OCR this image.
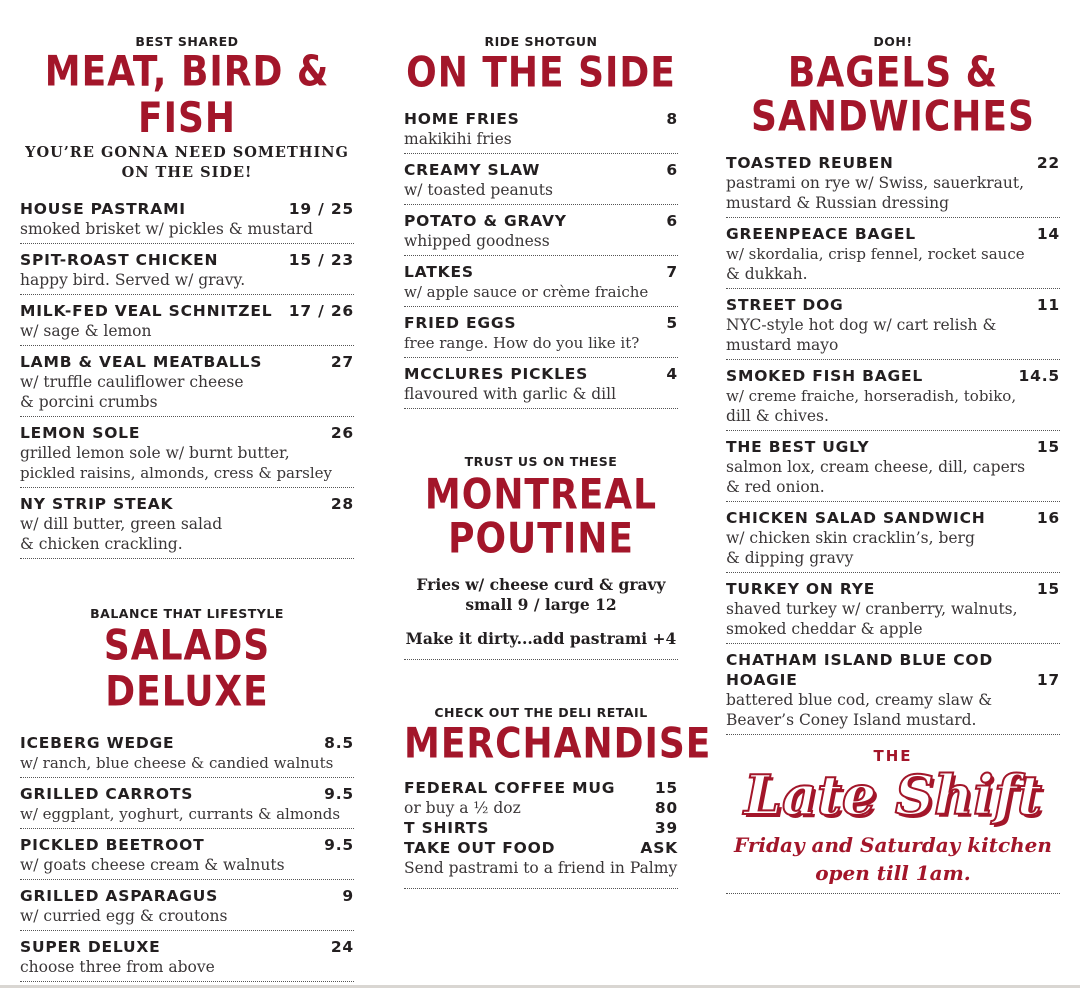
BEST SHARED
MEAT, BIRD & FISH
YOU’RE GONNA NEED SOMETHING
ON THE SIDE!
HOUSE PASTRAMI	19 / 25
smoked brisket w/ pickles & mustard
SPIT-ROAST CHICKEN	15 / 23
happy bird. Served w/ gravy.
MILK-FED VEAL SCHNITZEL 17 / 26
w/ sage & lemon
LAMB & VEAL MEATBALLS	27
w/ truffle cauliflower cheese
& porcini crumbs
LEMON SOLE	26
grilled lemon sole w/ burnt butter,
pickled raisins, almonds, cress & parsley
NY STRIP STEAK	28
w/ dill butter, green salad
& chicken crackling.
BALANCE THAT LIFESTYLE
SALADS DELUXE
ICEBERG WEDGE	8.5
w/ ranch, blue cheese & candied walnuts
GRILLED CARROTS	9.5
w/ eggplant, yoghurt, currants & almonds
PICKLED BEETROOT	9.5
w/ goats cheese cream & walnuts
GRILLED ASPARAGUS	9
w/ curried egg & croutons
SUPER DELUXE	24
choose three from above
RIDE SHOTGUN
ON THE SIDE
HOME FRIES	8
makikihi fries
CREAMY SLAW	6
w/ toasted peanuts
POTATO & GRAVY	6
whipped goodness
LATKES	7
w/ apple sauce or crème fraiche
FRIED EGGS	5
free range. How do you like it?
MCCLURES PICKLES	4
flavoured with garlic & dill
TRUST US ON THESE
MONTREAL
POUTINE
Fries w/ cheese curd & gravy
small 9 / large 12
Make it dirty...add pastrami +4
CHECK OUT THE DELI RETAIL
MERCHANDISE
FEDERAL COFFEE MUG	15
or buy a ½ doz	80
T SHIRTS	39
TAKE OUT FOOD	ASK
Send pastrami to a friend in Palmy
DOH!
BAGELS &
SANDWICHES
TOASTED REUBEN	22
pastrami on rye w/ Swiss, sauerkraut,
mustard & Russian dressing
GREENPEACE BAGEL	14
w/ skordalia, crisp fennel, rocket sauce
& dukkah.
STREET DOG	11
NYC-style hot dog w/ cart relish &
mustard mayo
SMOKED FISH BAGEL	14.5
w/ creme fraiche, horseradish, tobiko,
dill & chives.
THE BEST UGLY	15
salmon lox, cream cheese, dill, capers
& red onion.
CHICKEN SALAD SANDWICH	16
w/ chicken skin cracklin’s, berg
& dipping gravy
TURKEY ON RYE	15
shaved turkey w/ cranberry, walnuts,
smoked cheddar & apple
CHATHAM ISLAND BLUE COD
HOAGIE	17
battered blue cod, creamy slaw &
Beaver’s Coney Island mustard.
THE
Late Shift
Friday and Saturday kitchen
open till 1am.
